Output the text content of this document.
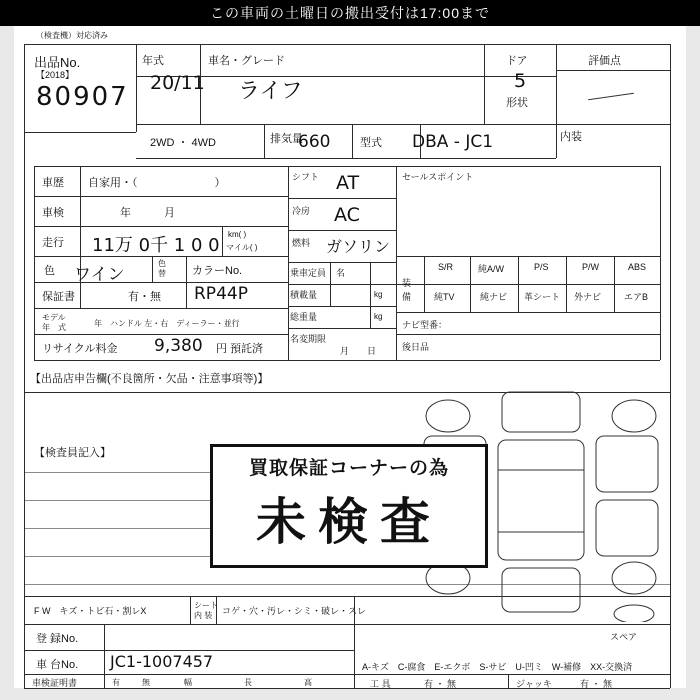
この車両の土曜日の搬出受付は17:00まで
（検査機）対応済み
出品No.
【2018】
80907
年式
20/11
車名・グレード
ライフ
ドア
5
形状
2WD ・ 4WD	排気量
660	型式 DBA - JC1
評価点
内装
車歴 自家用・（　　　　　　　）
車検	年　　　月
走行 11万 0千 1 0 0
km( )
マイル( )
色 ワイン
色
替 カラーNo.
保証書	有・無 RP44P
モデル
年　式	年　ハンドル 左・右　ディーラー・並行
リサイクル料金 9,380 円 預託済
【出品店申告欄(不良箇所・欠品・注意事項等)】
シフト AT
冷房 AC
燃料 ガソリン
乗車定員 名
積載量	kg
総重量	kg
名変期限
月　　日
セールスポイント
装
備
S/R	純A/W	P/S	P/W	ABS
純TV	純ナビ 革シート 外ナビ	エアB
ナビ型番：
後日品
【検査員記入】
スペア
買取保証コーナーの為
未検査
F W　キズ・トビ石・割レX
シート
内 装 コゲ・穴・汚レ・シミ・破レ・スレ
登 録No.
車 台No. JC1-1007457
車検証明書	有	無	幅	長	高
A-キズ　C-腐食　E-エクボ　S-サビ　U-凹ミ　W-補修　XX-交換済
工 具	有 ・ 無	ジャッキ	有 ・ 無
